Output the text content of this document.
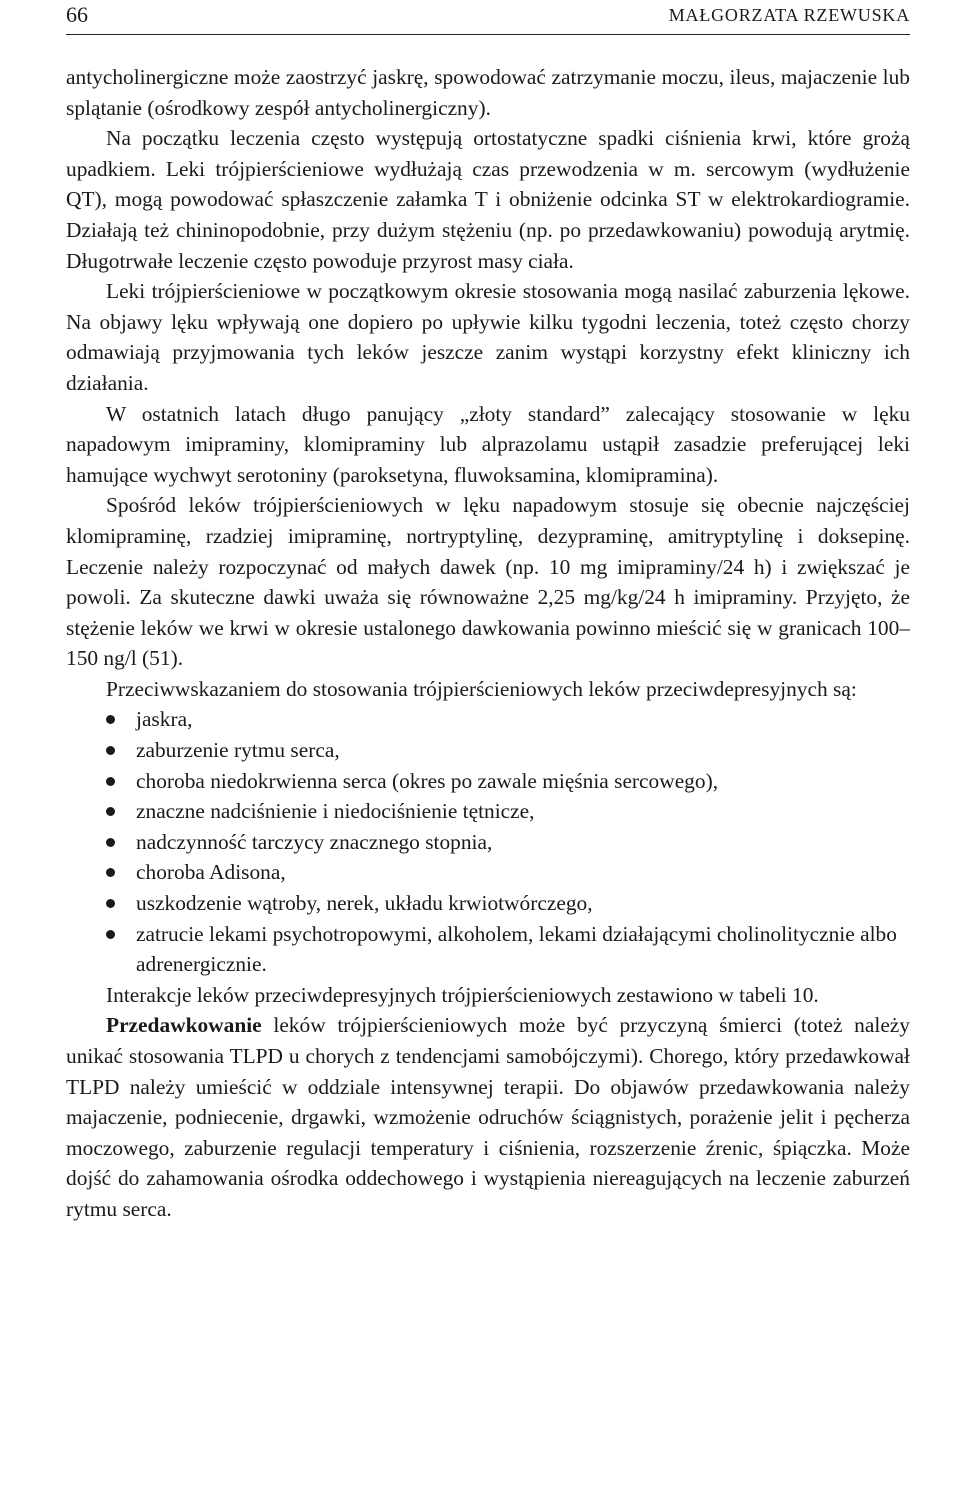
66	MAŁGORZATA RZEWUSKA

antycholinergiczne może zaostrzyć jaskrę, spowodować zatrzymanie moczu, ileus, majaczenie lub splątanie (ośrodkowy zespół antycholinergiczny).

Na początku leczenia często występują ortostatyczne spadki ciśnienia krwi, które grożą upadkiem. Leki trójpierścieniowe wydłużają czas przewodzenia w m. sercowym (wydłużenie QT), mogą powodować spłaszczenie załamka T i obniżenie odcinka ST w elektrokardiogramie. Działają też chininopodobnie, przy dużym stężeniu (np. po przedawkowaniu) powodują arytmię. Długotrwałe leczenie często powoduje przyrost masy ciała.

Leki trójpierścieniowe w początkowym okresie stosowania mogą nasilać zaburzenia lękowe. Na objawy lęku wpływają one dopiero po upływie kilku tygodni leczenia, toteż często chorzy odmawiają przyjmowania tych leków jeszcze zanim wystąpi korzystny efekt kliniczny ich działania.

W ostatnich latach długo panujący „złoty standard” zalecający stosowanie w lęku napadowym imipraminy, klomipraminy lub alprazolamu ustąpił zasadzie preferującej leki hamujące wychwyt serotoniny (paroksetyna, fluwoksamina, klomipramina).

Spośród leków trójpierścieniowych w lęku napadowym stosuje się obecnie najczęściej klomipraminę, rzadziej imipraminę, nortryptylinę, dezypraminę, amitryptylinę i doksepinę. Leczenie należy rozpoczynać od małych dawek (np. 10 mg imipraminy/24 h) i zwiększać je powoli. Za skuteczne dawki uważa się równoważne 2,25 mg/kg/24 h imipraminy. Przyjęto, że stężenie leków we krwi w okresie ustalonego dawkowania powinno mieścić się w granicach 100–150 ng/l (51).

Przeciwwskazaniem do stosowania trójpierścieniowych leków przeciwdepresyjnych są:

jaskra,
zaburzenie rytmu serca,
choroba niedokrwienna serca (okres po zawale mięśnia sercowego),
znaczne nadciśnienie i niedociśnienie tętnicze,
nadczynność tarczycy znacznego stopnia,
choroba Adisona,
uszkodzenie wątroby, nerek, układu krwiotwórczego,
zatrucie lekami psychotropowymi, alkoholem, lekami działającymi cholinolitycznie albo adrenergicznie.

Interakcje leków przeciwdepresyjnych trójpierścieniowych zestawiono w tabeli 10.

Przedawkowanie leków trójpierścieniowych może być przyczyną śmierci (toteż należy unikać stosowania TLPD u chorych z tendencjami samobójczymi). Chorego, który przedawkował TLPD należy umieścić w oddziale intensywnej terapii. Do objawów przedawkowania należy majaczenie, podniecenie, drgawki, wzmożenie odruchów ściągnistych, porażenie jelit i pęcherza moczowego, zaburzenie regulacji temperatury i ciśnienia, rozszerzenie źrenic, śpiączka. Może dojść do zahamowania ośrodka oddechowego i wystąpienia niereagujących na leczenie zaburzeń rytmu serca.
